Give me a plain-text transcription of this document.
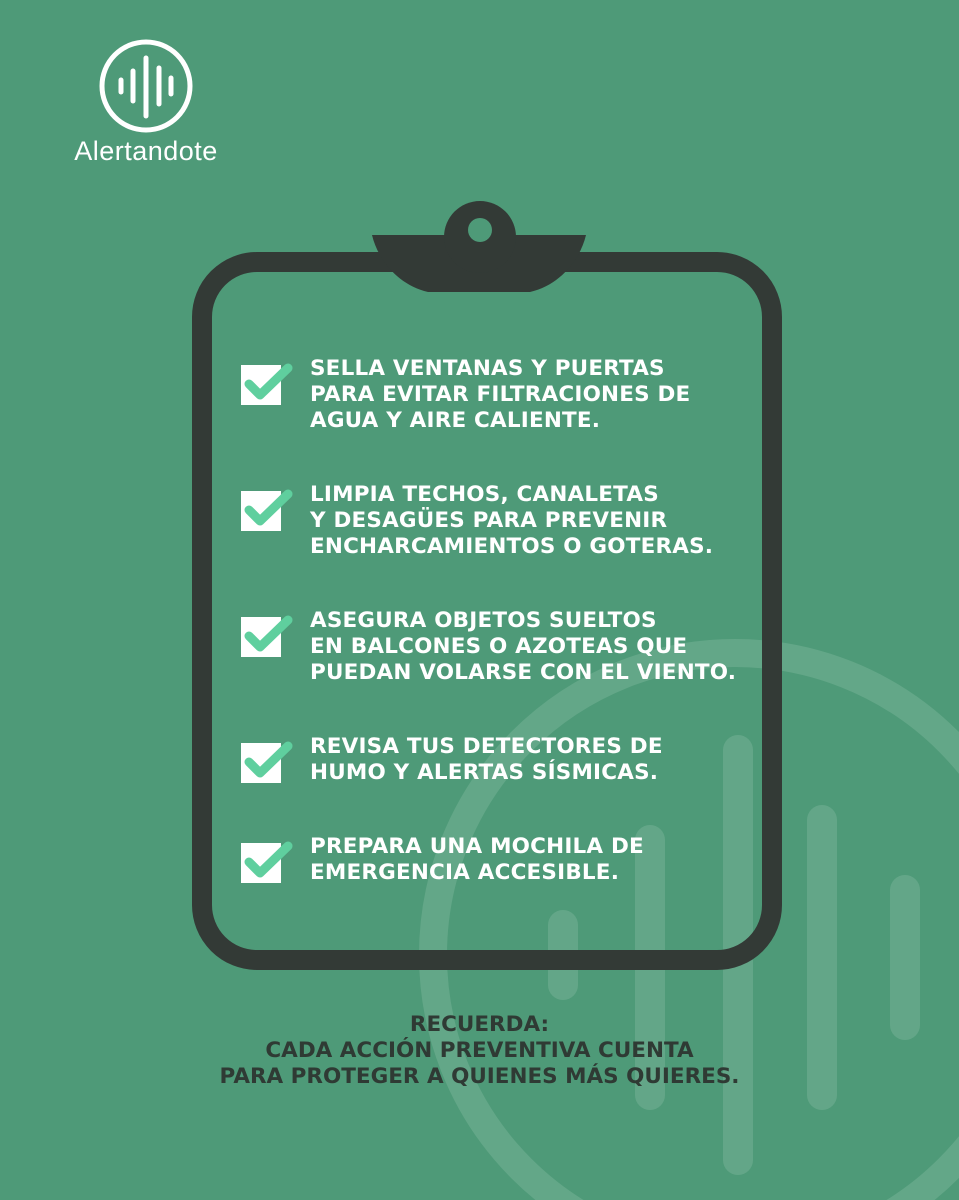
Alertandote
SELLA VENTANAS Y PUERTAS
PARA EVITAR FILTRACIONES DE
AGUA Y AIRE CALIENTE.
LIMPIA TECHOS, CANALETAS
Y DESAGÜES PARA PREVENIR
ENCHARCAMIENTOS O GOTERAS.
ASEGURA OBJETOS SUELTOS
EN BALCONES O AZOTEAS QUE
PUEDAN VOLARSE CON EL VIENTO.
REVISA TUS DETECTORES DE
HUMO Y ALERTAS SÍSMICAS.
PREPARA UNA MOCHILA DE
EMERGENCIA ACCESIBLE.

RECUERDA:

CADA ACCIÓN PREVENTIVA CUENTA

PARA PROTEGER A QUIENES MÁS QUIERES.
